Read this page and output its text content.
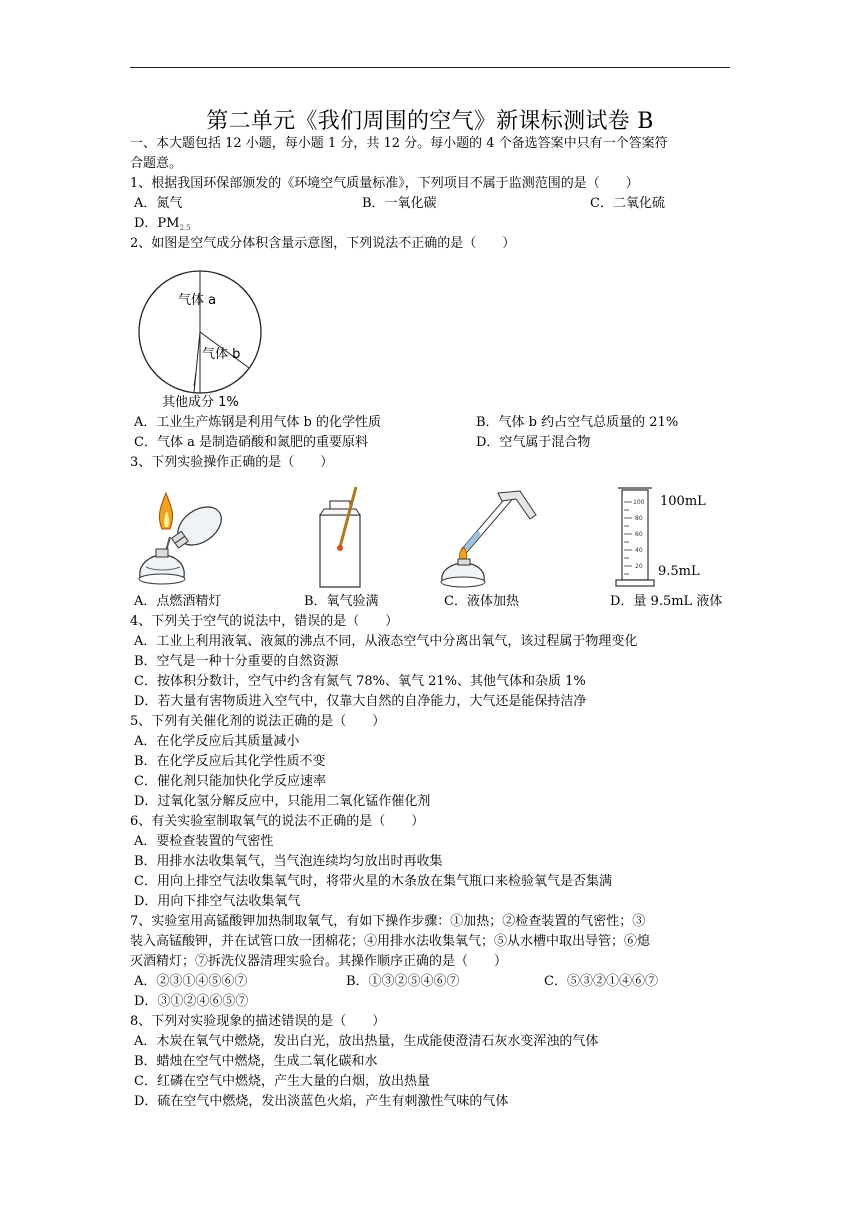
第二单元《我们周围的空气》新课标测试卷 B
一、本大题包括 12 小题，每小题 1 分，共 12 分。每小题的 4 个备选答案中只有一个答案符
合题意。
1、根据我国环保部颁发的《环境空气质量标准》，下列项目不属于监测范围的是（　　）
A．氮气	B．一氧化碳	C．二氧化硫
D．$PM_{2.5}$
2、如图是空气成分体积含量示意图，下列说法不正确的是（　　）
气体 a
气体 b
其他成分 1%
A．工业生产炼钢是利用气体 b 的化学性质	B．气体 b 约占空气总质量的 21%
C．气体 a 是制造硝酸和氮肥的重要原料	D．空气属于混合物
3、下列实验操作正确的是（　　）
100
80
60
40
20
100mL
9.5mL
A．点燃酒精灯	B．氧气验满	C．液体加热	D．量 9.5mL 液体
4、下列关于空气的说法中，错误的是（　　）
A．工业上利用液氧、液氮的沸点不同，从液态空气中分离出氧气，该过程属于物理变化
B．空气是一种十分重要的自然资源
C．按体积分数计，空气中约含有氮气 78%、氧气 21%、其他气体和杂质 1%
D．若大量有害物质进入空气中，仅靠大自然的自净能力，大气还是能保持洁净
5、下列有关催化剂的说法正确的是（　　）
A．在化学反应后其质量减小
B．在化学反应后其化学性质不变
C．催化剂只能加快化学反应速率
D．过氧化氢分解反应中，只能用二氧化锰作催化剂
6、有关实验室制取氧气的说法不正确的是（　　）
A．要检查装置的气密性
B．用排水法收集氧气，当气泡连续均匀放出时再收集
C．用向上排空气法收集氧气时，将带火星的木条放在集气瓶口来检验氧气是否集满
D．用向下排空气法收集氧气
7、实验室用高锰酸钾加热制取氧气，有如下操作步骤：①加热；②检查装置的气密性；③
装入高锰酸钾，并在试管口放一团棉花；④用排水法收集氧气；⑤从水槽中取出导管；⑥熄
灭酒精灯；⑦拆洗仪器清理实验台。其操作顺序正确的是（　　）
A．②③①④⑤⑥⑦	B．①③②⑤④⑥⑦	C．⑤③②①④⑥⑦
D．③①②④⑥⑤⑦
8、下列对实验现象的描述错误的是（　　）
A．木炭在氧气中燃烧，发出白光，放出热量，生成能使澄清石灰水变浑浊的气体
B．蜡烛在空气中燃烧，生成二氧化碳和水
C．红磷在空气中燃烧，产生大量的白烟，放出热量
D．硫在空气中燃烧，发出淡蓝色火焰，产生有刺激性气味的气体
